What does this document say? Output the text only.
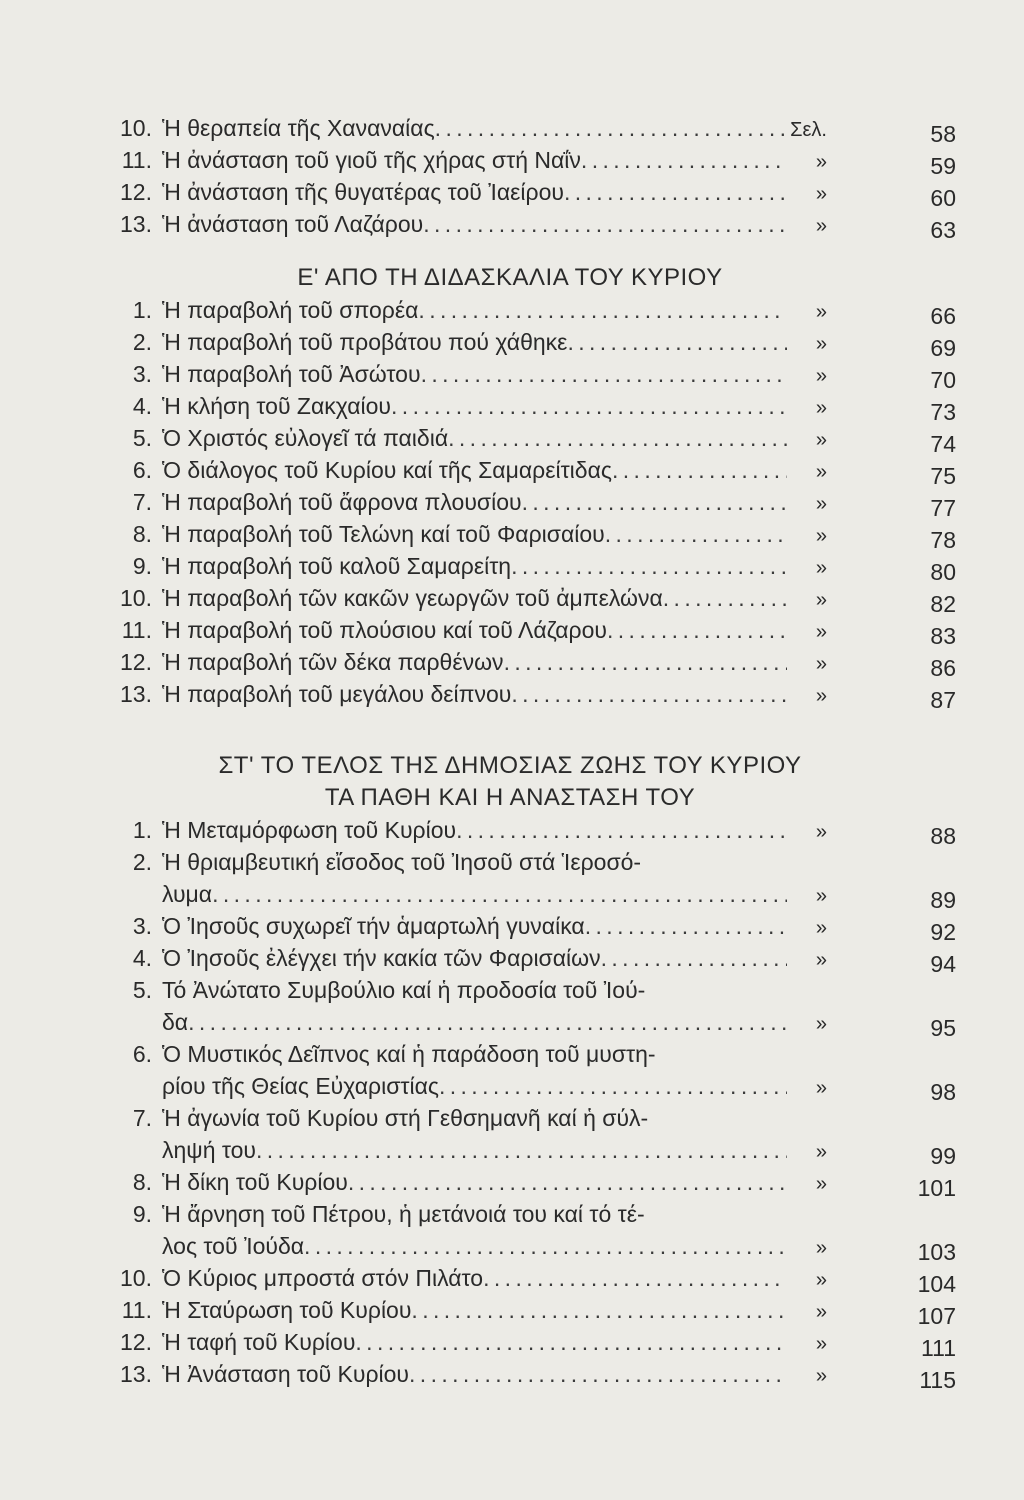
10. Ἡ θεραπεία τῆς Χαναναίας . . .	Σελ.	58
11. Ἡ ἀνάσταση τοῦ γιοῦ τῆς χήρας στή Ναΐν . . .	»	59
12. Ἡ ἀνάσταση τῆς θυγατέρας τοῦ Ἰαείρου . . .	»	60
13. Ἡ ἀνάσταση τοῦ Λαζάρου . . .	»	63
Ε' ΑΠΟ ΤΗ ΔΙΔΑΣΚΑΛΙΑ ΤΟΥ ΚΥΡΙΟΥ
1. Ἡ παραβολή τοῦ σπορέα . . .	»	66
2. Ἡ παραβολή τοῦ προβάτου πού χάθηκε . . .	»	69
3. Ἡ παραβολή τοῦ Ἀσώτου . . .	»	70
4. Ἡ κλήση τοῦ Ζακχαίου . . .	»	73
5. Ὁ Χριστός εὐλογεῖ τά παιδιά . . .	»	74
6. Ὁ διάλογος τοῦ Κυρίου καί τῆς Σαμαρείτιδας . . .	»	75
7. Ἡ παραβολή τοῦ ἄφρονα πλουσίου . . .	»	77
8. Ἡ παραβολή τοῦ Τελώνη καί τοῦ Φαρισαίου . . .	»	78
9. Ἡ παραβολή τοῦ καλοῦ Σαμαρείτη . . .	»	80
10. Ἡ παραβολή τῶν κακῶν γεωργῶν τοῦ ἀμπελώνα . . .	»	82
11. Ἡ παραβολή τοῦ πλούσιου καί τοῦ Λάζαρου . . .	»	83
12. Ἡ παραβολή τῶν δέκα παρθένων . . .	»	86
13. Ἡ παραβολή τοῦ μεγάλου δείπνου . . .	»	87
ΣΤ' ΤΟ ΤΕΛΟΣ ΤΗΣ ΔΗΜΟΣΙΑΣ ΖΩΗΣ ΤΟΥ ΚΥΡΙΟΥ
ΤΑ ΠΑΘΗ ΚΑΙ Η ΑΝΑΣΤΑΣΗ ΤΟΥ
1. Ἡ Μεταμόρφωση τοῦ Κυρίου . . .	»	88
2. Ἡ θριαμβευτική εἴσοδος τοῦ Ἰησοῦ στά Ἱεροσό-
λυμα . . .	»	89
3. Ὁ Ἰησοῦς συχωρεῖ τήν ἁμαρτωλή γυναίκα . . .	»	92
4. Ὁ Ἰησοῦς ἐλέγχει τήν κακία τῶν Φαρισαίων . . .	»	94
5. Τό Ἀνώτατο Συμβούλιο καί ἡ προδοσία τοῦ Ἰού-
δα . . .	»	95
6. Ὁ Μυστικός Δεῖπνος καί ἡ παράδοση τοῦ μυστη-
ρίου τῆς Θείας Εὐχαριστίας . . .	»	98
7. Ἡ ἀγωνία τοῦ Κυρίου στή Γεθσημανῆ καί ἡ σύλ-
ληψή του . . .	»	99
8. Ἡ δίκη τοῦ Κυρίου . . .	»	101
9. Ἡ ἄρνηση τοῦ Πέτρου, ἡ μετάνοιά του καί τό τέ-
λος τοῦ Ἰούδα . . .	»	103
10. Ὁ Κύριος μπροστά στόν Πιλάτο . . .	»	104
11. Ἡ Σταύρωση τοῦ Κυρίου . . .	»	107
12. Ἡ ταφή τοῦ Κυρίου . . .	»	111
13. Ἡ Ἀνάσταση τοῦ Κυρίου . . .	»	115
